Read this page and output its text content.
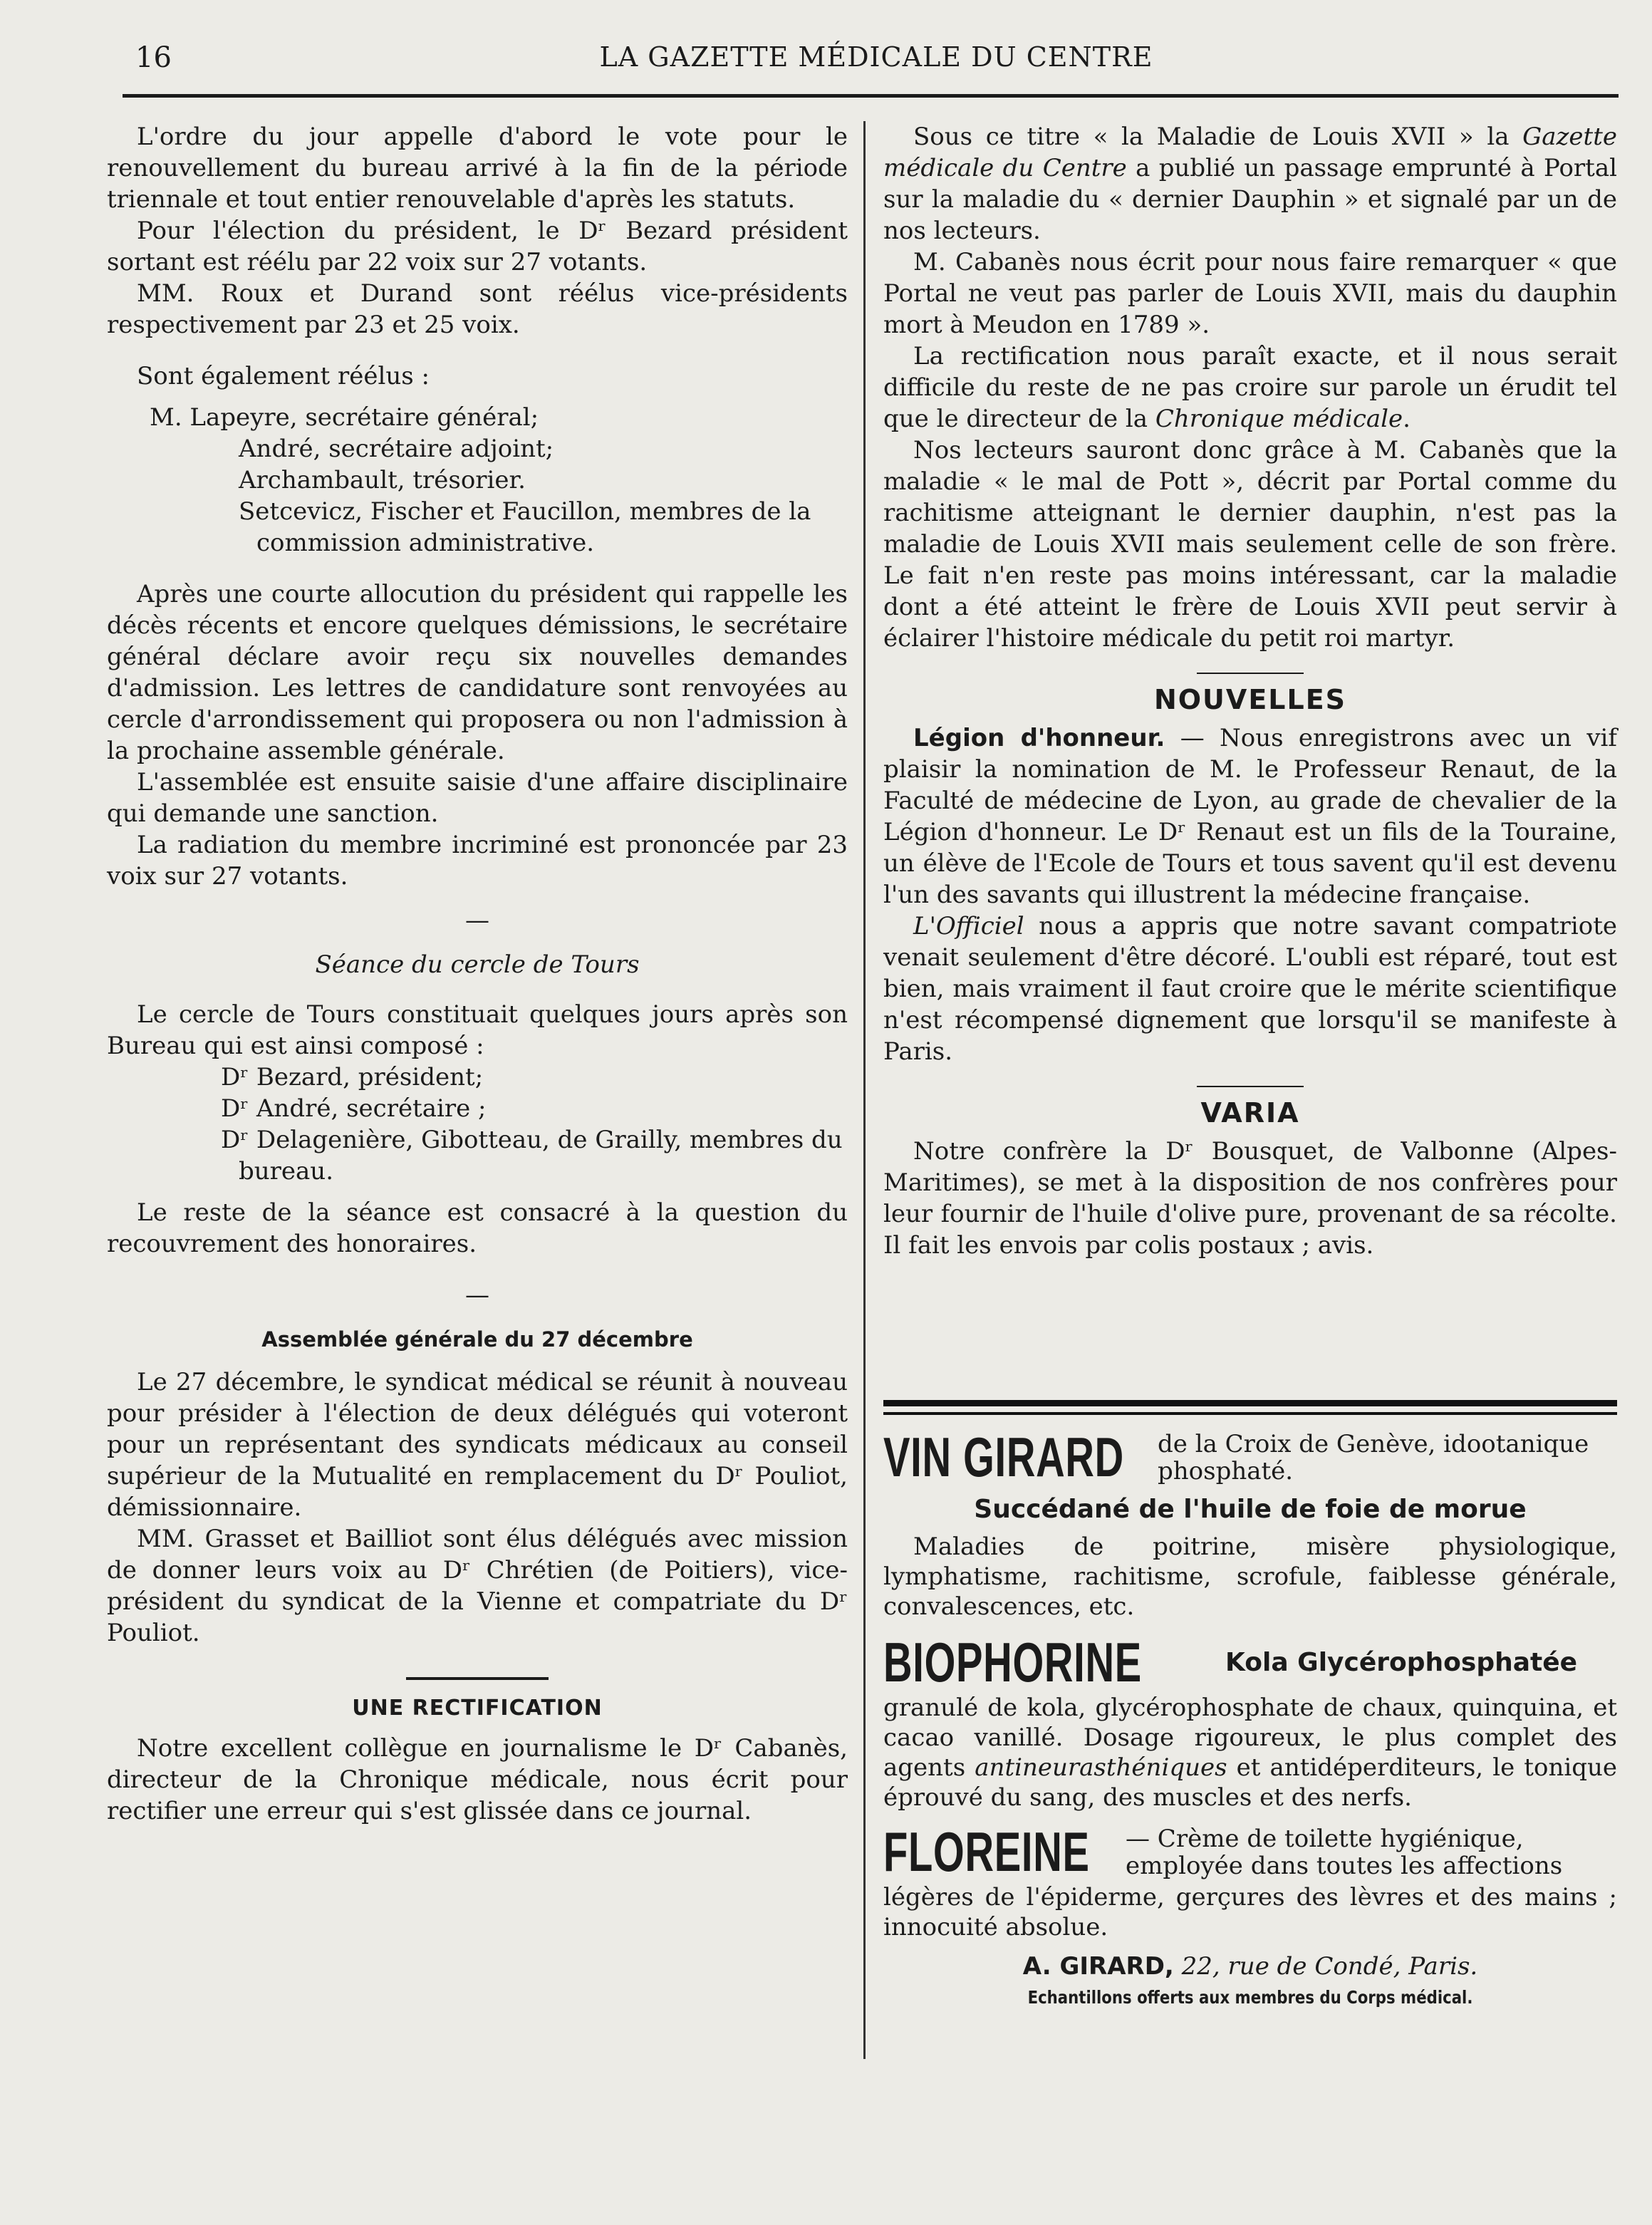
16	LA GAZETTE MÉDICALE DU CENTRE

L'ordre du jour appelle d'abord le vote pour le renouvellement du bureau arrivé à la fin de la période triennale et tout entier renouvelable d'après les statuts.

Pour l'élection du président, le Dʳ Bezard président sortant est réélu par 22 voix sur 27 votants.

MM. Roux et Durand sont réélus vice-présidents respectivement par 23 et 25 voix.

Sont également réélus :

M. Lapeyre, secrétaire général;

André, secrétaire adjoint;

Archambault, trésorier.

Setcevicz, Fischer et Faucillon, membres de la commission administrative.

Après une courte allocution du président qui rappelle les décès récents et encore quelques démissions, le secrétaire général déclare avoir reçu six nouvelles demandes d'admission. Les lettres de candidature sont renvoyées au cercle d'arrondissement qui proposera ou non l'admission à la prochaine assemble générale.

L'assemblée est ensuite saisie d'une affaire disciplinaire qui demande une sanction.

La radiation du membre incriminé est prononcée par 23 voix sur 27 votants.

—

Séance du cercle de Tours

Le cercle de Tours constituait quelques jours après son Bureau qui est ainsi composé :

Dʳ Bezard, président;

Dʳ André, secrétaire ;

Dʳ Delagenière, Gibotteau, de Grailly, membres du bureau.

Le reste de la séance est consacré à la question du recouvrement des honoraires.

—

Assemblée générale du 27 décembre

Le 27 décembre, le syndicat médical se réunit à nouveau pour présider à l'élection de deux délégués qui voteront pour un représentant des syndicats médicaux au conseil supérieur de la Mutualité en remplacement du Dʳ Pouliot, démissionnaire.

MM. Grasset et Bailliot sont élus délégués avec mission de donner leurs voix au Dʳ Chrétien (de Poitiers), vice-président du syndicat de la Vienne et compatriate du Dʳ Pouliot.

UNE RECTIFICATION

Notre excellent collègue en journalisme le Dʳ Cabanès, directeur de la Chronique médicale, nous écrit pour rectifier une erreur qui s'est glissée dans ce journal.

Sous ce titre « la Maladie de Louis XVII » la Gazette médicale du Centre a publié un passage emprunté à Portal sur la maladie du « dernier Dauphin » et signalé par un de nos lecteurs.

M. Cabanès nous écrit pour nous faire remarquer « que Portal ne veut pas parler de Louis XVII, mais du dauphin mort à Meudon en 1789 ».

La rectification nous paraît exacte, et il nous serait difficile du reste de ne pas croire sur parole un érudit tel que le directeur de la Chronique médicale.

Nos lecteurs sauront donc grâce à M. Cabanès que la maladie « le mal de Pott », décrit par Portal comme du rachitisme atteignant le dernier dauphin, n'est pas la maladie de Louis XVII mais seulement celle de son frère. Le fait n'en reste pas moins intéressant, car la maladie dont a été atteint le frère de Louis XVII peut servir à éclairer l'histoire médicale du petit roi martyr.

NOUVELLES

Légion d'honneur. — Nous enregistrons avec un vif plaisir la nomination de M. le Professeur Renaut, de la Faculté de médecine de Lyon, au grade de chevalier de la Légion d'honneur. Le Dʳ Renaut est un fils de la Touraine, un élève de l'Ecole de Tours et tous savent qu'il est devenu l'un des savants qui illustrent la médecine française.

L'Officiel nous a appris que notre savant compatriote venait seulement d'être décoré. L'oubli est réparé, tout est bien, mais vraiment il faut croire que le mérite scientifique n'est récompensé dignement que lorsqu'il se manifeste à Paris.

VARIA

Notre confrère la Dʳ Bousquet, de Valbonne (Alpes-Maritimes), se met à la disposition de nos confrères pour leur fournir de l'huile d'olive pure, provenant de sa récolte. Il fait les envois par colis postaux ; avis.

VIN GIRARD	de la Croix de Genève, idootanique phosphaté.

Succédané de l'huile de foie de morue

Maladies de poitrine, misère physiologique, lymphatisme, rachitisme, scrofule, faiblesse générale, convalescences, etc.

BIOPHORINE	Kola Glycérophosphatée

granulé de kola, glycérophosphate de chaux, quinquina, et cacao vanillé. Dosage rigoureux, le plus complet des agents antineurasthéniques et antidéperditeurs, le tonique éprouvé du sang, des muscles et des nerfs.

FLOREINE	— Crème de toilette hygiénique, employée dans toutes les affections

légères de l'épiderme, gerçures des lèvres et des mains ; innocuité absolue.

A. GIRARD, 22, rue de Condé, Paris.

Echantillons offerts aux membres du Corps médical.
